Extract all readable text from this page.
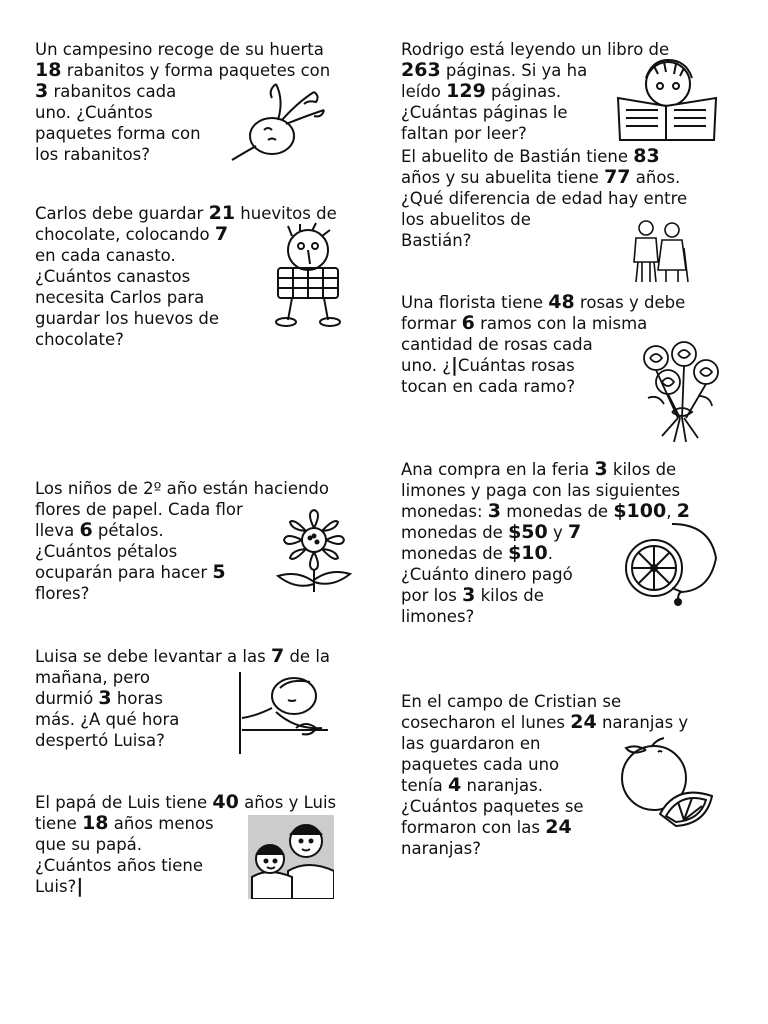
Un campesino recoge de su huerta
18 rabanitos y forma paquetes con
3 rabanitos cada
uno. ¿Cuántos
paquetes forma con
los rabanitos?
Carlos debe guardar 21 huevitos de
chocolate, colocando 7
en cada canasto.
¿Cuántos canastos
necesita Carlos para
guardar los huevos de
chocolate?
Los niños de 2º año están haciendo
flores de papel. Cada flor
lleva 6 pétalos.
¿Cuántos pétalos
ocuparán para hacer 5
flores?
Luisa se debe levantar a las 7 de la
mañana, pero
durmió 3 horas
más. ¿A qué hora
despertó Luisa?
El papá de Luis tiene 40 años y Luis
tiene 18 años menos
que su papá.
¿Cuántos años tiene
Luis?|
Rodrigo está leyendo un libro de
263 páginas. Si ya ha
leído 129 páginas.
¿Cuántas páginas le
faltan por leer?
El abuelito de Bastián tiene 83
años y su abuelita tiene 77 años.
¿Qué diferencia de edad hay entre
los abuelitos de
Bastián?
Una florista tiene 48 rosas y debe
formar 6 ramos con la misma
cantidad de rosas cada
uno. ¿|Cuántas rosas
tocan en cada ramo?
Ana compra en la feria 3 kilos de
limones y paga con las siguientes
monedas: 3 monedas de $100, 2
monedas de $50 y 7
monedas de $10.
¿Cuánto dinero pagó
por los 3 kilos de
limones?
En el campo de Cristian se
cosecharon el lunes 24 naranjas y
las guardaron en
paquetes cada uno
tenía 4 naranjas.
¿Cuántos paquetes se
formaron con las 24
naranjas?
